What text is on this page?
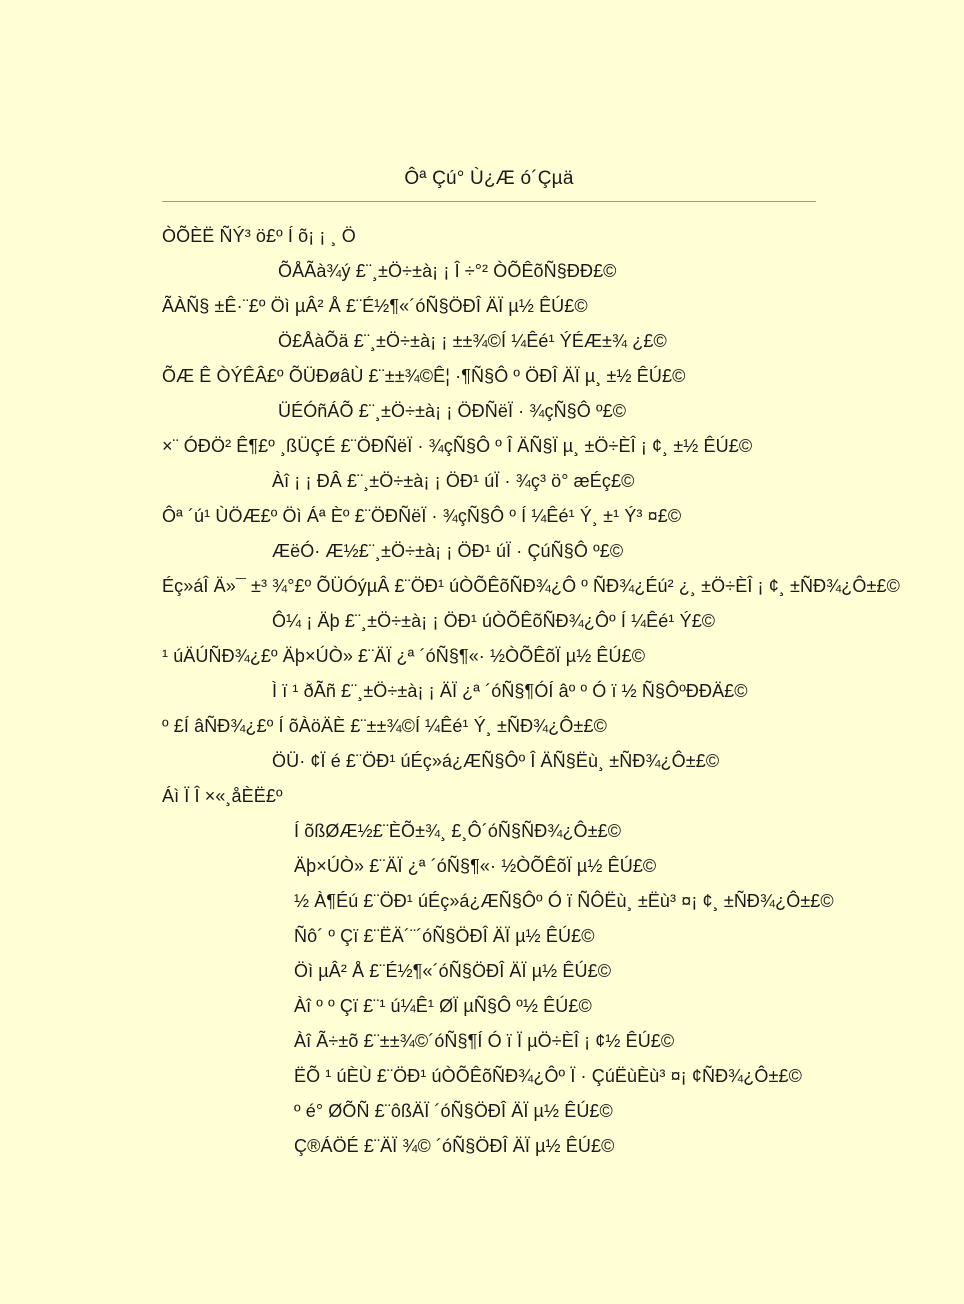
Ôª Çú° Ù¿Æ ó´Çµä
ÒÕÈË ÑÝ³ ö£º Í õ¡ ¡ ¸ Ö
ÕÅÃà¾ý £¨¸±Ö÷±à¡ ¡ Î ÷°² ÒÕÊõÑ§ÐÐ£©
ÃÀÑ§ ±Ê·¨£º Öì µÂ² Å £¨É½¶«´óÑ§ÖÐÎ ÄÏ µ½ ÊÚ£©
Ö£ÅàÕä £¨¸±Ö÷±à¡ ¡ ±±¾©Í ¼Êé¹ ÝÉÆ±¾ ¿£©
ÕÆ Ê ÒÝÊÂ£º ÕÜÐøâÙ £¨±±¾©Ê¦ ·¶Ñ§Ô º ÖÐÎ ÄÏ µ¸ ±½ ÊÚ£©
ÜÉÓñÁÕ £¨¸±Ö÷±à¡ ¡ ÖÐÑëÏ · ¾çÑ§Ô º£©
×¨ ÓÐÖ² Ê¶£º ¸ßÜÇÉ £¨ÖÐÑëÏ · ¾çÑ§Ô º Î ÄÑ§Ï µ¸ ±Ö÷ÈÎ ¡ ¢¸ ±½ ÊÚ£©
Àî ¡ ¡ ÐÂ £¨¸±Ö÷±à¡ ¡ ÖÐ¹ úÏ · ¾ç³ ö° æÉç£©
Ôª ´ú¹ ÙÖÆ£º Öì Áª Èº £¨ÖÐÑëÏ · ¾çÑ§Ô º Í ¼Êé¹ Ý¸ ±¹ Ý³ ¤£©
ÆëÓ· Æ½£¨¸±Ö÷±à¡ ¡ ÖÐ¹ úÏ · ÇúÑ§Ô º£©
Éç»áÎ Ä»¯ ±³ ¾°£º ÕÜÓýµÂ £¨ÖÐ¹ úÒÕÊõÑÐ¾¿Ô º ÑÐ¾¿Éú² ¿¸ ±Ö÷ÈÎ ¡ ¢¸ ±ÑÐ¾¿Ô±£©
Ô¼ ¡ Äþ £¨¸±Ö÷±à¡ ¡ ÖÐ¹ úÒÕÊõÑÐ¾¿Ôº Í ¼Êé¹ Ý£©
¹ úÄÚÑÐ¾¿£º Äþ×ÚÒ» £¨ÄÏ ¿ª ´óÑ§¶«· ½ÒÕÊõÏ µ½ ÊÚ£©
Ì ï ¹ ðÃñ £¨¸±Ö÷±à¡ ¡ ÄÏ ¿ª ´óÑ§¶ÓÍ âº º Ó ï ½ Ñ§ÔºÐÐÄ£©
º £Í âÑÐ¾¿£º Í õÀöÄÈ £¨±±¾©Í ¼Êé¹ Ý¸ ±ÑÐ¾¿Ô±£©
ÖÜ· ¢Ï é £¨ÖÐ¹ úÉç»á¿ÆÑ§Ôº Î ÄÑ§Ëù¸ ±ÑÐ¾¿Ô±£©
Áì Ï Î ×«¸åÈË£º
Í õßØÆ½£¨ÈÕ±¾¸ £¸Ô´óÑ§ÑÐ¾¿Ô±£©
Äþ×ÚÒ» £¨ÄÏ ¿ª ´óÑ§¶«· ½ÒÕÊõÏ µ½ ÊÚ£©
½ À¶Éú £¨ÖÐ¹ úÉç»á¿ÆÑ§Ôº Ó ï ÑÔËù¸ ±Ëù³ ¤¡ ¢¸ ±ÑÐ¾¿Ô±£©
Ñô´ º Çï £¨ËÄ´¨´óÑ§ÖÐÎ ÄÏ µ½ ÊÚ£©
Öì µÂ² Å £¨É½¶«´óÑ§ÖÐÎ ÄÏ µ½ ÊÚ£©
Àî º º Çï £¨¹ ú¼Ê¹ ØÏ µÑ§Ô º½ ÊÚ£©
Àî Ã÷±õ £¨±±¾©´óÑ§¶Í Ó ï Ï µÖ÷ÈÎ ¡ ¢½ ÊÚ£©
ËÕ ¹ úÈÙ £¨ÖÐ¹ úÒÕÊõÑÐ¾¿Ôº Ï · ÇúËùÈù³ ¤¡ ¢ÑÐ¾¿Ô±£©
º é° ØÕÑ £¨ôßÄÏ ´óÑ§ÖÐÎ ÄÏ µ½ ÊÚ£©
Ç®ÁÖÉ £¨ÄÏ ¾© ´óÑ§ÖÐÎ ÄÏ µ½ ÊÚ£©
